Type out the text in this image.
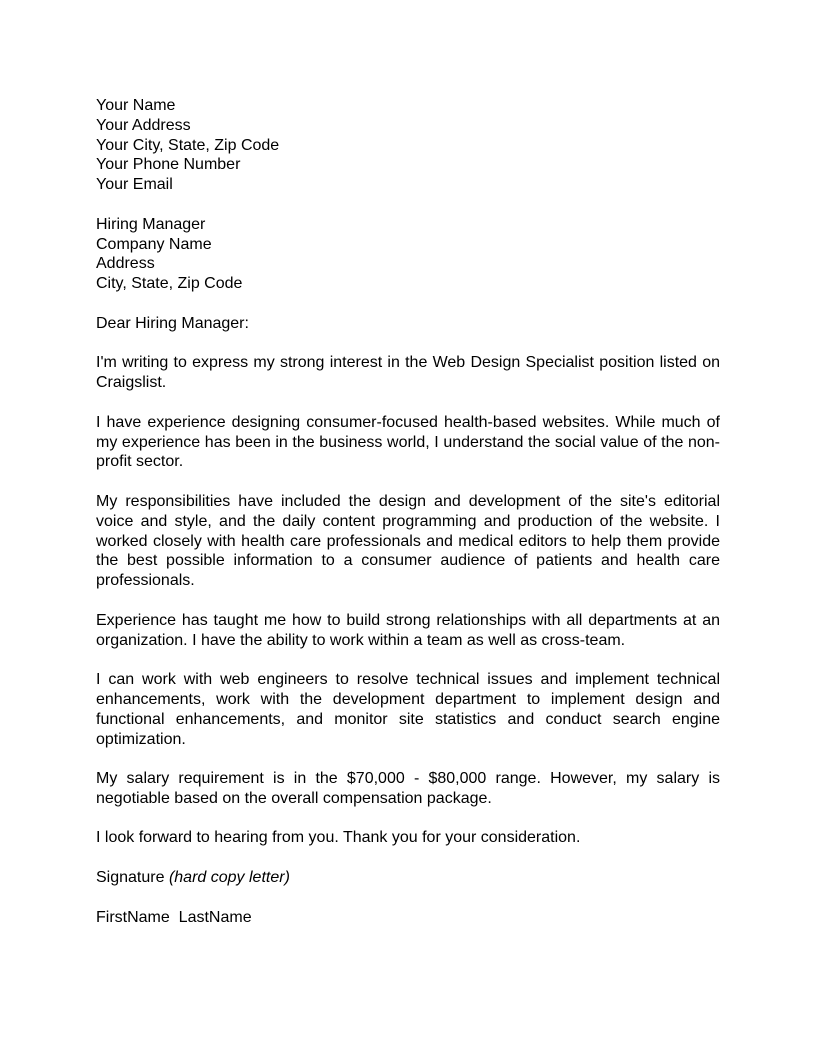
Your Name
Your Address
Your City, State, Zip Code
Your Phone Number
Your Email
Hiring Manager
Company Name
Address
City, State, Zip Code
Dear Hiring Manager:
I'm writing to express my strong interest in the Web Design Specialist position listed on Craigslist.
I have experience designing consumer-focused health-based websites. While much of my experience has been in the business world, I understand the social value of the non-profit sector.
My responsibilities have included the design and development of the site's editorial voice and style, and the daily content programming and production of the website. I worked closely with health care professionals and medical editors to help them provide the best possible information to a consumer audience of patients and health care professionals.
Experience has taught me how to build strong relationships with all departments at an organization. I have the ability to work within a team as well as cross-team.
I can work with web engineers to resolve technical issues and implement technical enhancements, work with the development department to implement design and functional enhancements, and monitor site statistics and conduct search engine optimization.
My salary requirement is in the $70,000 - $80,000 range. However, my salary is negotiable based on the overall compensation package.
I look forward to hearing from you. Thank you for your consideration.
Signature (hard copy letter)
FirstName  LastName
